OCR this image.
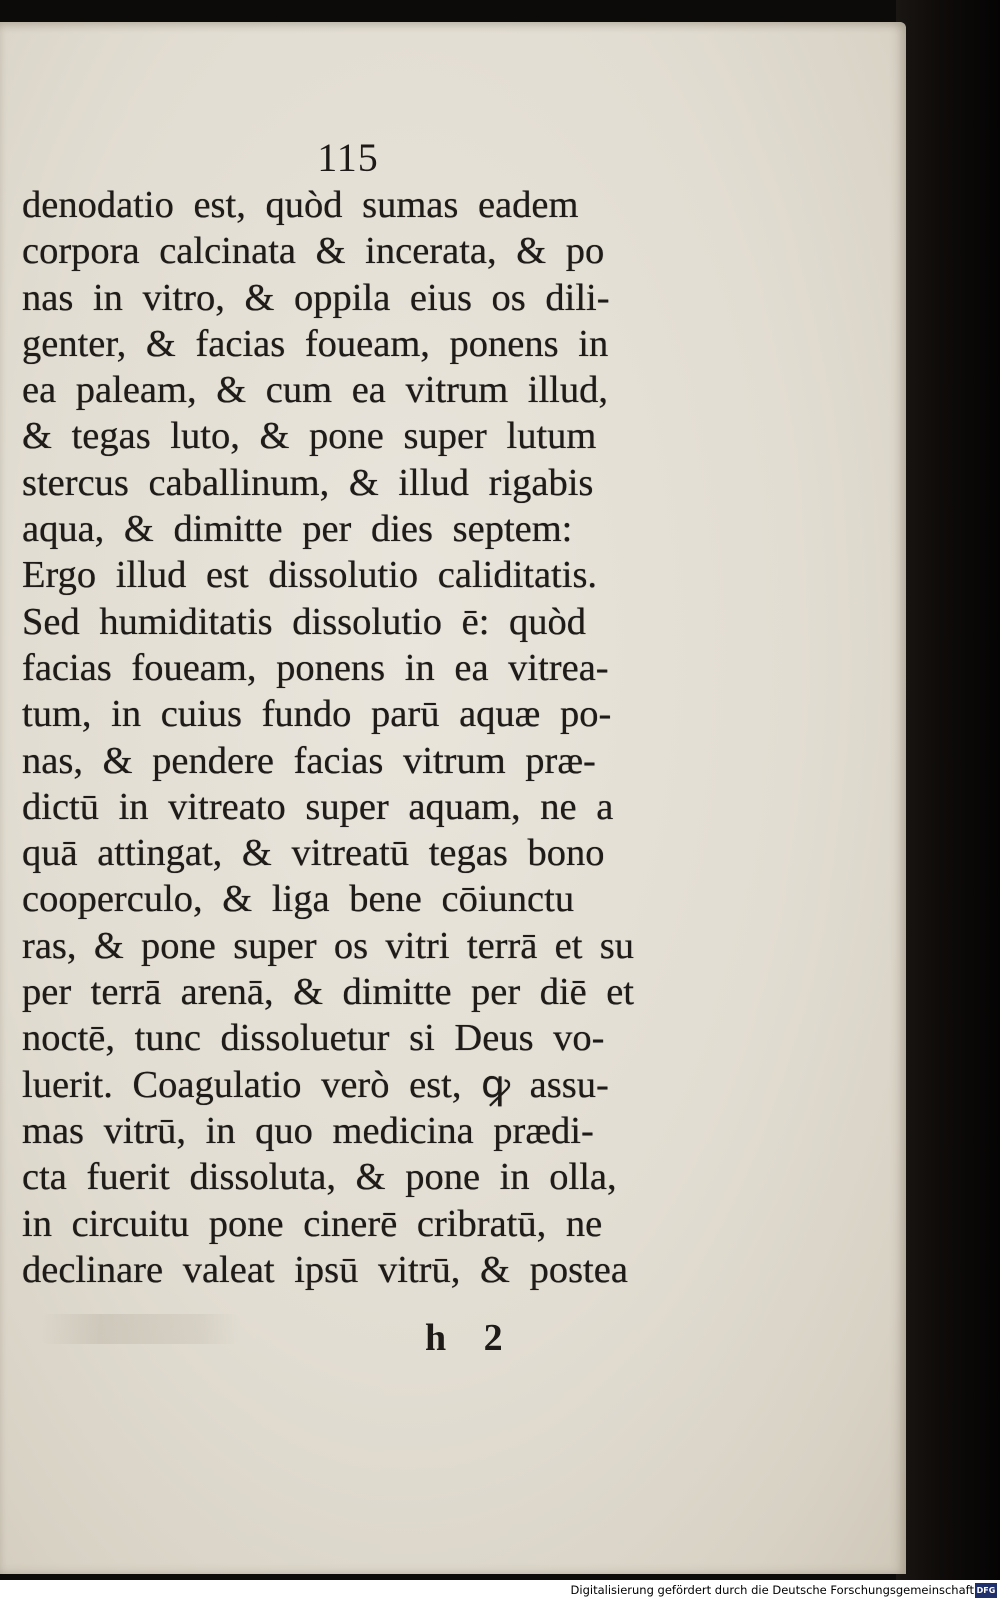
115
denodatio est, quòd sumas eadem
corpora calcinata & incerata, & po
nas in vitro, & oppila eius os dili-
genter, & facias foueam, ponens in
ea paleam, & cum ea vitrum illud,
& tegas luto, & pone super lutum
stercus caballinum, & illud rigabis
aqua, & dimitte per dies septem:
Ergo illud est dissolutio caliditatis.
Sed humiditatis dissolutio ē: quòd
facias foueam, ponens in ea vitrea-
tum, in cuius fundo parū aquæ po-
nas, & pendere facias vitrum præ-
dictū in vitreato super aquam, ne a
quā attingat, & vitreatū tegas bono
cooperculo, & liga bene cōiunctu
ras, & pone super os vitri terrā et su
per terrā arenā, & dimitte per diē et
noctē, tunc dissoluetur si Deus vo-
luerit. Coagulatio verò est, ꝙ assu-
mas vitrū, in quo medicina prædi-
cta fuerit dissoluta, & pone in olla,
in circuitu pone cinerē cribratū, ne
declinare valeat ipsū vitrū, & postea
h 2
Digitalisierung gefördert durch die Deutsche Forschungsgemeinschaft DFG
